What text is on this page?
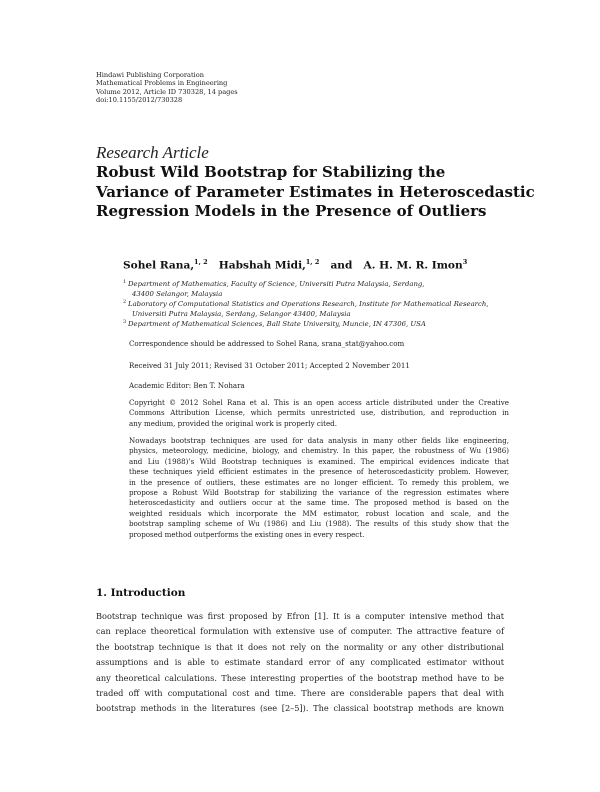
Hindawi Publishing Corporation
Mathematical Problems in Engineering
Volume 2012, Article ID 730328, 14 pages
doi:10.1155/2012/730328
Research Article
Robust Wild Bootstrap for Stabilizing the
Variance of Parameter Estimates in Heteroscedastic
Regression Models in the Presence of Outliers
Sohel Rana,$^{1, 2}$ Habshah Midi,$^{1, 2}$ and A. H. M. R. Imon$^3$
1 Department of Mathematics, Faculty of Science, Universiti Putra Malaysia, Serdang,
43400 Selangor, Malaysia
2 Laboratory of Computational Statistics and Operations Research, Institute for Mathematical Research,
Universiti Putra Malaysia, Serdang, Selangor 43400, Malaysia
3 Department of Mathematical Sciences, Ball State University, Muncie, IN 47306, USA
Correspondence should be addressed to Sohel Rana, srana_stat@yahoo.com
Received 31 July 2011; Revised 31 October 2011; Accepted 2 November 2011
Academic Editor: Ben T. Nohara
Copyright © 2012 Sohel Rana et al. This is an open access article distributed under the Creative
Commons Attribution License, which permits unrestricted use, distribution, and reproduction in
any medium, provided the original work is properly cited.
Nowadays bootstrap techniques are used for data analysis in many other fields like engineering,
physics, meteorology, medicine, biology, and chemistry. In this paper, the robustness of Wu (1986)
and Liu (1988)’s Wild Bootstrap techniques is examined. The empirical evidences indicate that
these techniques yield efficient estimates in the presence of heteroscedasticity problem. However,
in the presence of outliers, these estimates are no longer efficient. To remedy this problem, we
propose a Robust Wild Bootstrap for stabilizing the variance of the regression estimates where
heteroscedasticity and outliers occur at the same time. The proposed method is based on the
weighted residuals which incorporate the MM estimator, robust location and scale, and the
bootstrap sampling scheme of Wu (1986) and Liu (1988). The results of this study show that the
proposed method outperforms the existing ones in every respect.
1. Introduction
Bootstrap technique was first proposed by Efron [1]. It is a computer intensive method that
can replace theoretical formulation with extensive use of computer. The attractive feature of
the bootstrap technique is that it does not rely on the normality or any other distributional
assumptions and is able to estimate standard error of any complicated estimator without
any theoretical calculations. These interesting properties of the bootstrap method have to be
traded off with computational cost and time. There are considerable papers that deal with
bootstrap methods in the literatures (see [2–5]). The classical bootstrap methods are known
